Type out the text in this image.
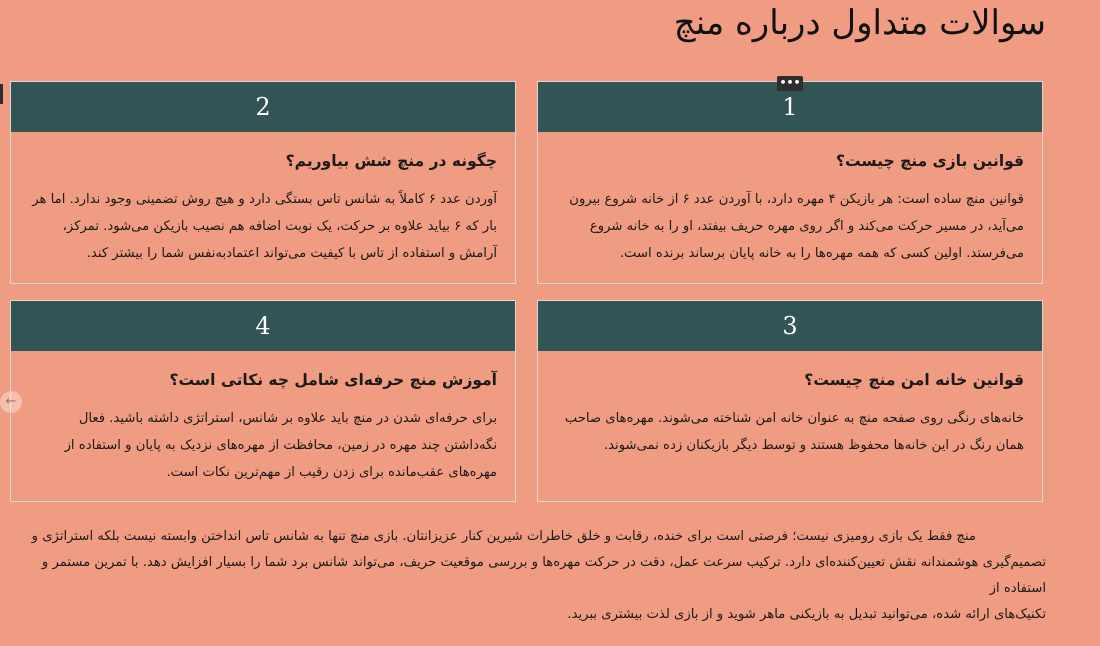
سوالات متداول درباره منچ
•••
1

قوانین بازی منچ چیست؟

قوانین منچ ساده است: هر بازیکن ۴ مهره دارد، با آوردن عدد ۶ از خانه شروع بیرون می‌آید، در مسیر حرکت می‌کند و اگر روی مهره حریف بیفتد، او را به خانه شروع می‌فرستد. اولین کسی که همه مهره‌ها را به خانه پایان برساند برنده است.

2

چگونه در منچ شش بیاوریم؟

آوردن عدد ۶ کاملاً به شانس تاس بستگی دارد و هیچ روش تضمینی وجود ندارد. اما هر بار که ۶ بیاید علاوه بر حرکت، یک نوبت اضافه هم نصیب بازیکن می‌شود. تمرکز، آرامش و استفاده از تاس با کیفیت می‌تواند اعتمادبه‌نفس شما را بیشتر کند.

3

قوانین خانه امن منچ چیست؟

خانه‌های رنگی روی صفحه منچ به عنوان خانه امن شناخته می‌شوند. مهره‌های صاحب همان رنگ در این خانه‌ها محفوظ هستند و توسط دیگر بازیکنان زده نمی‌شوند.

4

آموزش منچ حرفه‌ای شامل چه نکاتی است؟

برای حرفه‌ای شدن در منچ باید علاوه بر شانس، استراتژی داشته باشید. فعال نگه‌داشتن چند مهره در زمین، محافظت از مهره‌های نزدیک به پایان و استفاده از مهره‌های عقب‌مانده برای زدن رقیب از مهم‌ترین نکات است.

←

منچ فقط یک بازی رومیزی نیست؛ فرصتی است برای خنده، رقابت و خلق خاطرات شیرین کنار عزیزانتان. بازی منچ تنها به شانس تاس انداختن وابسته نیست بلکه استراتژی و
تصمیم‌گیری هوشمندانه نقش تعیین‌کننده‌ای دارد. ترکیب سرعت عمل، دقت در حرکت مهره‌ها و بررسی موقعیت حریف، می‌تواند شانس برد شما را بسیار افزایش دهد. با تمرین مستمر و استفاده از
تکنیک‌های ارائه شده، می‌توانید تبدیل به بازیکنی ماهر شوید و از بازی لذت بیشتری ببرید.
